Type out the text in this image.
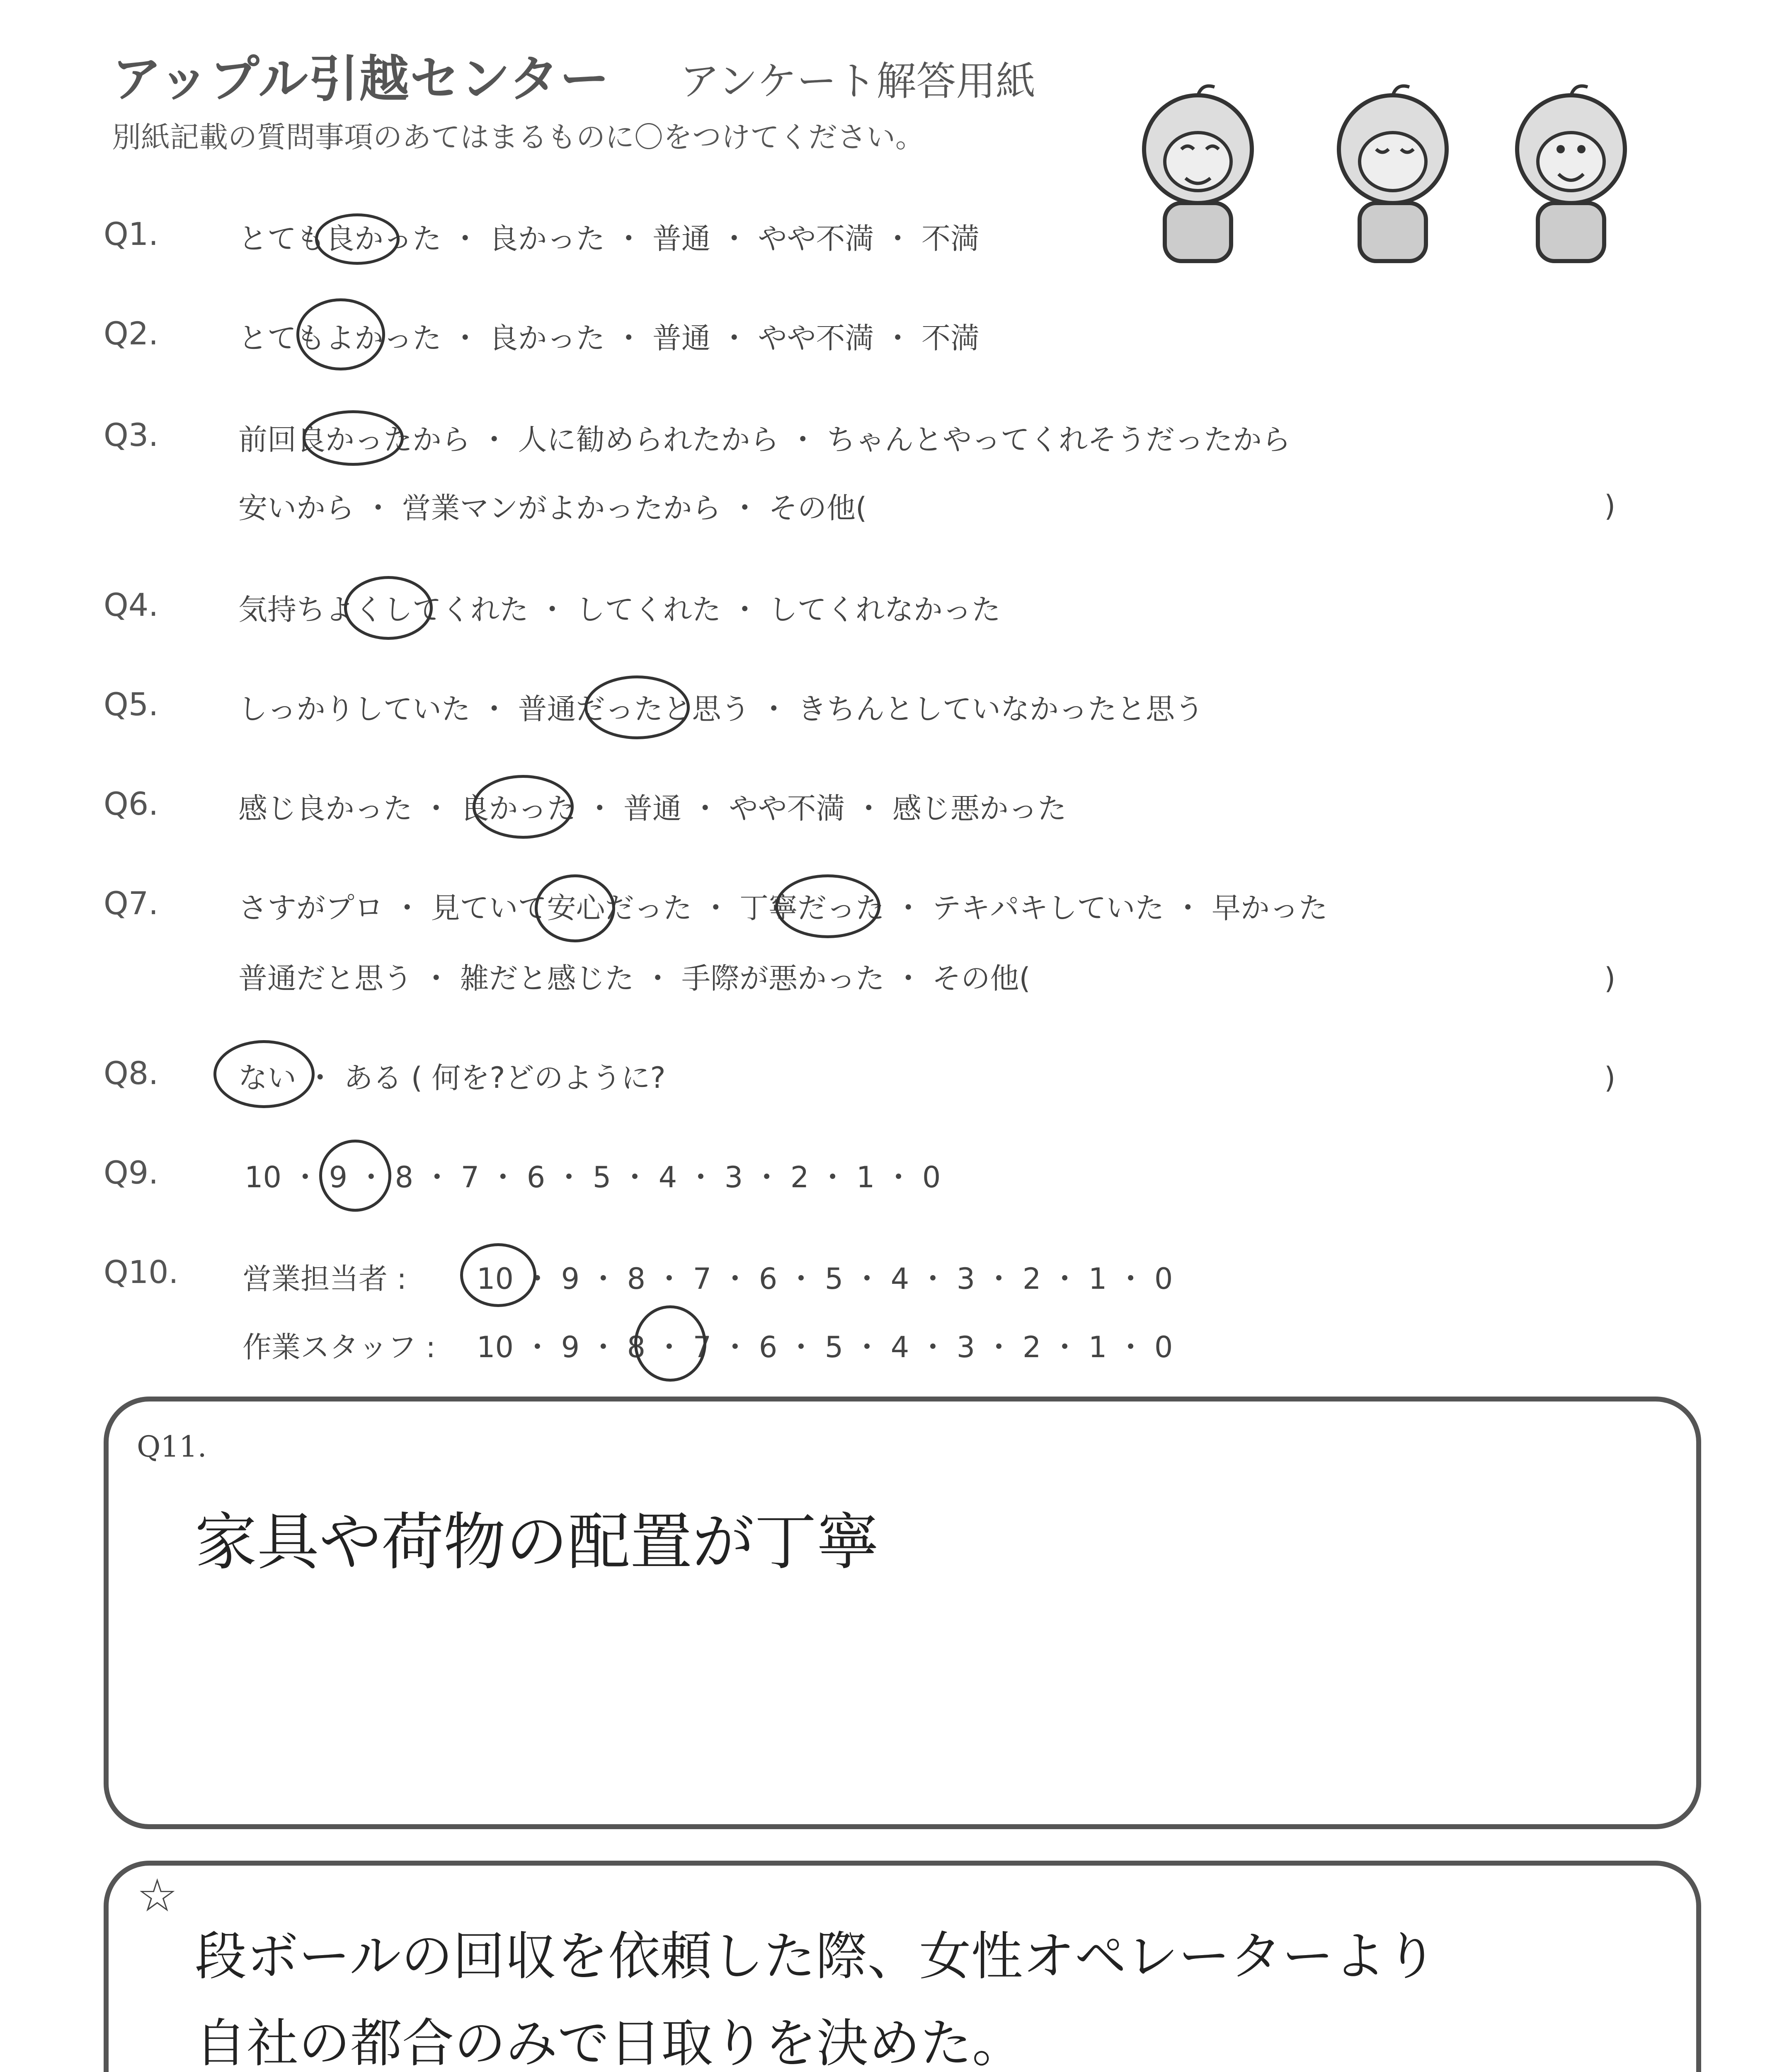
アップル引越センター アンケート解答用紙
別紙記載の質問事項のあてはまるものに〇をつけてください。
Q1.	とても良かった ・ 良かった ・ 普通 ・ やや不満 ・ 不満
Q2.	とてもよかった ・ 良かった ・ 普通 ・ やや不満 ・ 不満
Q3.	前回良かったから ・ 人に勧められたから ・ ちゃんとやってくれそうだったから
安いから ・ 営業マンがよかったから ・ その他(	)
Q4.	気持ちよくしてくれた ・ してくれた ・ してくれなかった
Q5.	しっかりしていた ・ 普通だったと思う ・ きちんとしていなかったと思う
Q6.	感じ良かった ・ 良かった ・ 普通 ・ やや不満 ・ 感じ悪かった
Q7.	さすがプロ ・ 見ていて安心だった ・ 丁寧だった ・ テキパキしていた ・ 早かった
普通だと思う ・ 雑だと感じた ・ 手際が悪かった ・ その他(	)
Q8.	ない ・ ある ( 何を?どのように?	)
Q9.	10 ・ 9 ・ 8 ・ 7 ・ 6 ・ 5 ・ 4 ・ 3 ・ 2 ・ 1 ・ 0
Q10. 営業担当者 : 10 ・ 9 ・ 8 ・ 7 ・ 6 ・ 5 ・ 4 ・ 3 ・ 2 ・ 1 ・ 0
作業スタッフ : 10 ・ 9 ・ 8 ・ 7 ・ 6 ・ 5 ・ 4 ・ 3 ・ 2 ・ 1 ・ 0
Q11.
家具や荷物の配置が丁寧
☆
段ボールの回収を依頼した際、女性オペレーターより
自社の都合のみで日取りを決めた。
